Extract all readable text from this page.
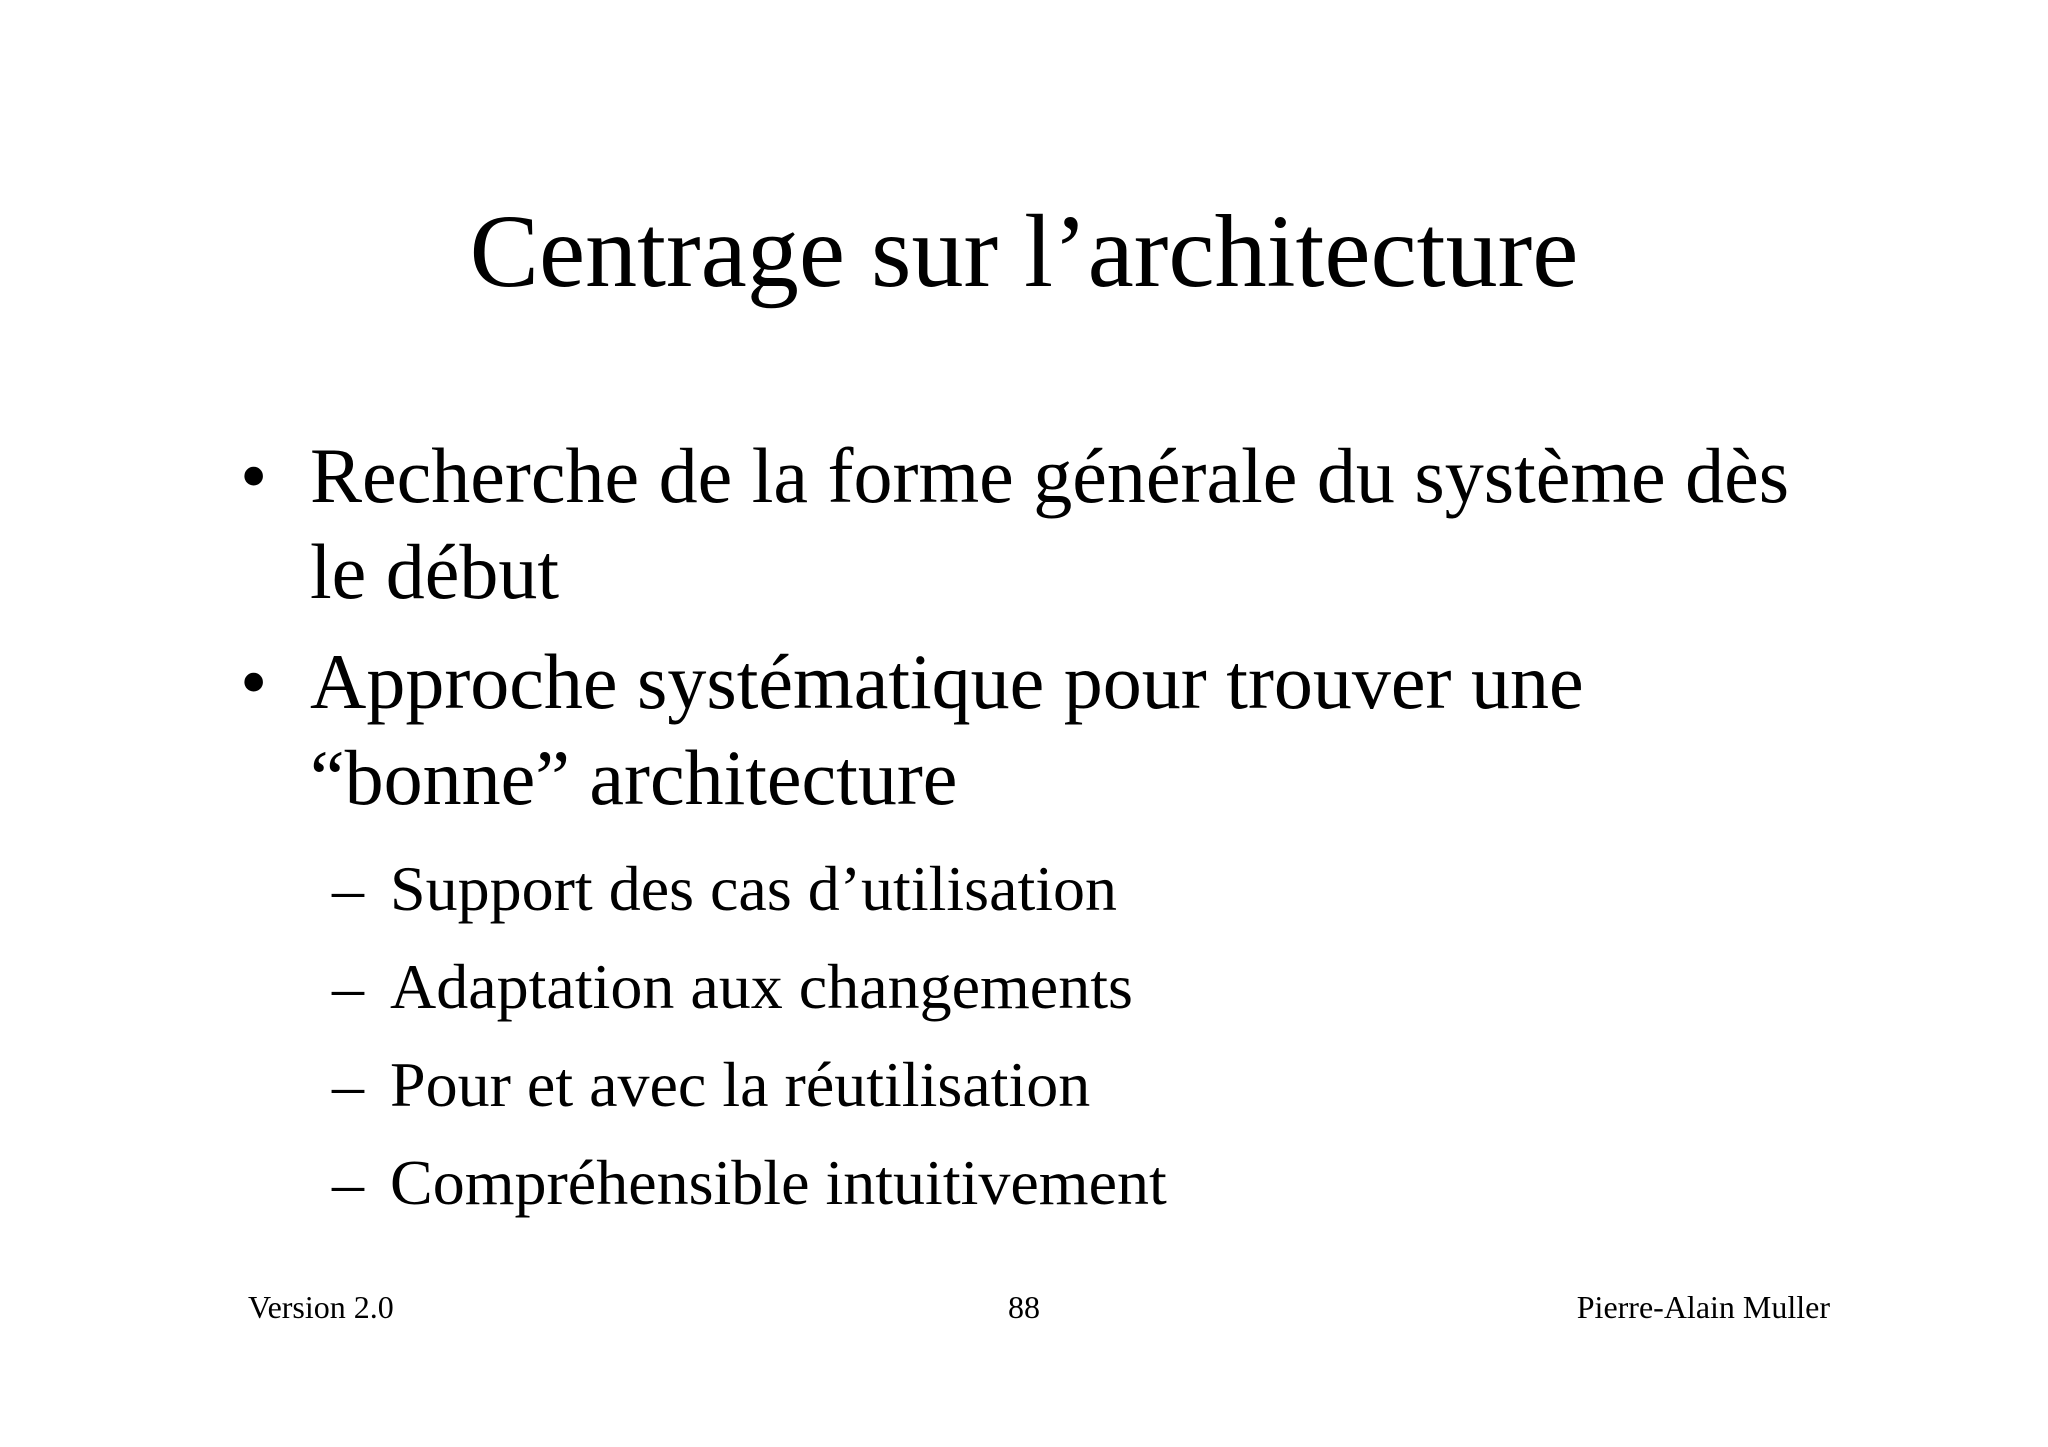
Centrage sur l’architecture
• Recherche de la forme générale du système dès le début
• Approche systématique pour trouver une “bonne” architecture
– Support des cas d’utilisation
– Adaptation aux changements
– Pour et avec la réutilisation
– Compréhensible intuitivement
Version 2.0	88	Pierre-Alain Muller
